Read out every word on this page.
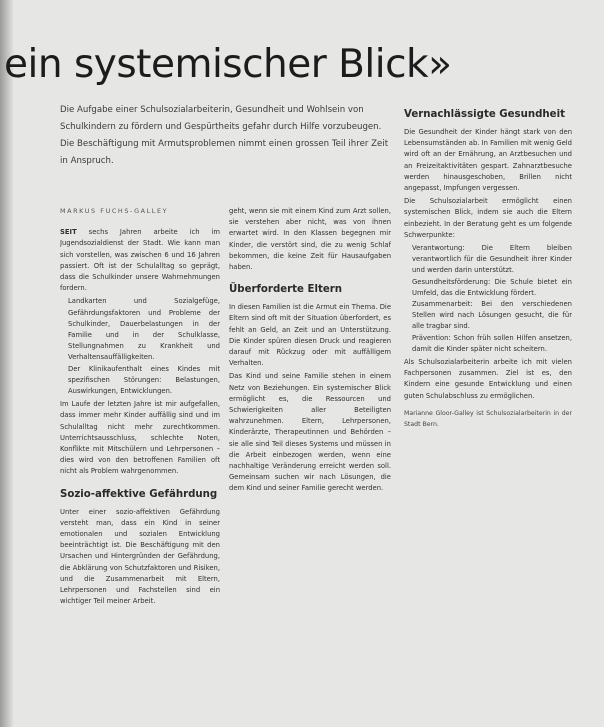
ein systemischer Blick»
Die Aufgabe einer Schulsozialarbeiterin, Gesundheit und Wohlsein von Schulkindern zu fördern und Gespürtheits gefahr durch Hilfe vorzubeugen. Die Beschäftigung mit Armutsproblemen nimmt einen grossen Teil ihrer Zeit in Anspruch.

MARKUS FUCHS-GALLEY

SEIT sechs Jahren arbeite ich im Jugendsozialdienst der Stadt. Wie kann man sich vorstellen, was zwischen 6 und 16 Jahren passiert. Oft ist der Schulalltag so geprägt, dass die Schulkinder unsere Wahrnehmungen fordern.

• Landkarten und Sozialgefüge, Gefährdungsfaktoren und Probleme der Schulkinder, Dauerbelastungen in der Familie und in der Schulklasse, Stellungnahmen zu Krankheit und Verhaltensauffälligkeiten.
• Der Klinikaufenthalt eines Kindes mit spezifischen Störungen: Belastungen, Auswirkungen, Entwicklungen.

Im Laufe der letzten Jahre ist mir aufgefallen, dass immer mehr Kinder auffällig sind und im Schulalltag nicht mehr zurechtkommen. Unterrichtsausschluss, schlechte Noten, Konflikte mit Mitschülern und Lehrpersonen – dies wird von den betroffenen Familien oft nicht als Problem wahrgenommen.

Sozio-affektive Gefährdung

Unter einer sozio-affektiven Gefährdung versteht man, dass ein Kind in seiner emotionalen und sozialen Entwicklung beeinträchtigt ist. Die Beschäftigung mit den Ursachen und Hintergründen der Gefährdung, die Abklärung von Schutzfaktoren und Risiken, und die Zusammenarbeit mit Eltern, Lehrpersonen und Fachstellen sind ein wichtiger Teil meiner Arbeit.

geht, wenn sie mit einem Kind zum Arzt sollen, sie verstehen aber nicht, was von ihnen erwartet wird. In den Klassen begegnen mir Kinder, die verstört sind, die zu wenig Schlaf bekommen, die keine Zeit für Hausaufgaben haben.

Überforderte Eltern

In diesen Familien ist die Armut ein Thema. Die Eltern sind oft mit der Situation überfordert, es fehlt an Geld, an Zeit und an Unterstützung. Die Kinder spüren diesen Druck und reagieren darauf mit Rückzug oder mit auffälligem Verhalten.

Das Kind und seine Familie stehen in einem Netz von Beziehungen. Ein systemischer Blick ermöglicht es, die Ressourcen und Schwierigkeiten aller Beteiligten wahrzunehmen. Eltern, Lehrpersonen, Kinderärzte, Therapeutinnen und Behörden – sie alle sind Teil dieses Systems und müssen in die Arbeit einbezogen werden, wenn eine nachhaltige Veränderung erreicht werden soll. Gemeinsam suchen wir nach Lösungen, die dem Kind und seiner Familie gerecht werden.

Vernachlässigte Gesundheit

Die Gesundheit der Kinder hängt stark von den Lebensumständen ab. In Familien mit wenig Geld wird oft an der Ernährung, an Arztbesuchen und an Freizeitaktivitäten gespart. Zahnarztbesuche werden hinausgeschoben, Brillen nicht angepasst, Impfungen vergessen.

Die Schulsozialarbeit ermöglicht einen systemischen Blick, indem sie auch die Eltern einbezieht. In der Beratung geht es um folgende Schwerpunkte:

• Verantwortung: Die Eltern bleiben verantwortlich für die Gesundheit ihrer Kinder und werden darin unterstützt.
• Gesundheitsförderung: Die Schule bietet ein Umfeld, das die Entwicklung fördert.
• Zusammenarbeit: Bei den verschiedenen Stellen wird nach Lösungen gesucht, die für alle tragbar sind.
• Prävention: Schon früh sollen Hilfen ansetzen, damit die Kinder später nicht scheitern.

Als Schulsozialarbeiterin arbeite ich mit vielen Fachpersonen zusammen. Ziel ist es, den Kindern eine gesunde Entwicklung und einen guten Schulabschluss zu ermöglichen.

Marianne Gloor-Galley ist Schulsozialarbeiterin in der Stadt Bern.
